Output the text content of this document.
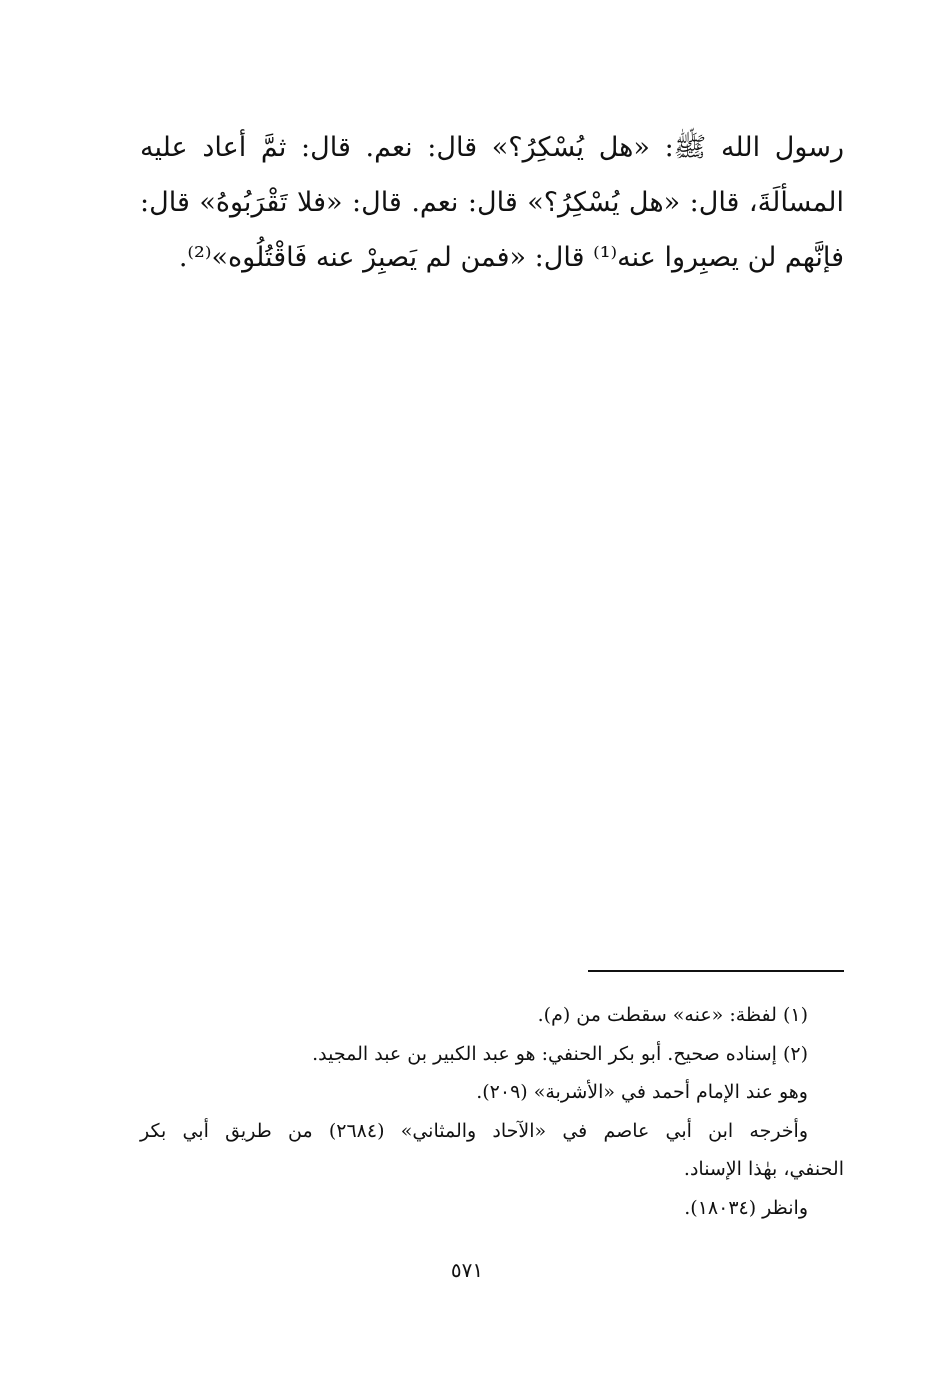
رسول الله ﷺ: «هل يُسْكِرُ؟» قال: نعم. قال: ثمَّ أعاد عليه
المسألَةَ، قال: «هل يُسْكِرُ؟» قال: نعم. قال: «فلا تَقْرَبُوهُ» قال:
فإنَّهم لن يصبِروا عنه⁽¹⁾ قال: «فمن لم يَصبِرْ عنه فَاقْتُلُوه»⁽²⁾.
(١) لفظة: «عنه» سقطت من (م).
(٢) إسناده صحيح. أبو بكر الحنفي: هو عبد الكبير بن عبد المجيد.
وهو عند الإمام أحمد في «الأشربة» (٢٠٩).
وأخرجه ابن أبي عاصم في «الآحاد والمثاني» (٢٦٨٤) من طريق أبي بكر
الحنفي، بهٰذا الإسناد.
وانظر (١٨٠٣٤).
٥٧١
